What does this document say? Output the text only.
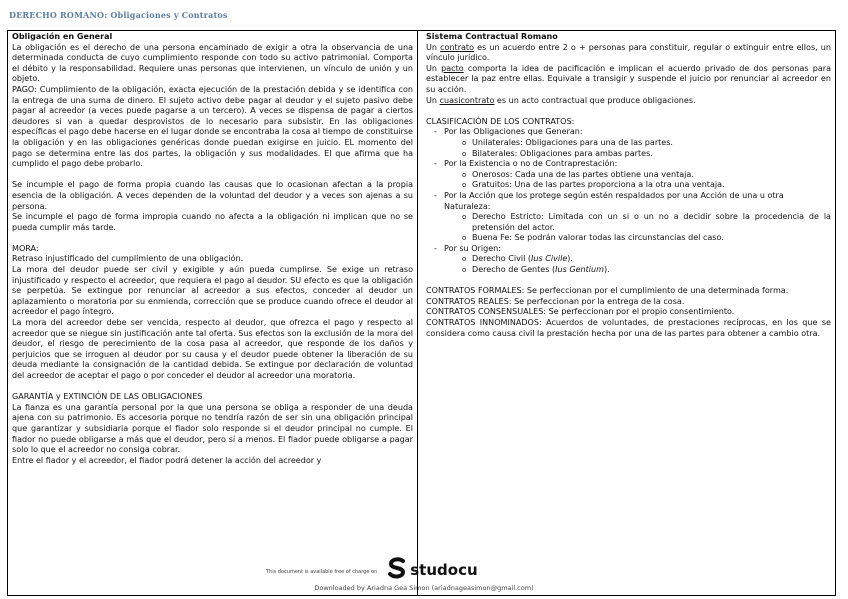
DERECHO ROMANO: Obligaciones y Contratos

Obligación en General

La obligación es el derecho de una persona encaminado de exigir a otra la observancia de una determinada conducta de cuyo cumplimiento responde con todo su activo patrimonial. Comporta el débito y la responsabilidad. Requiere unas personas que intervienen, un vínculo de unión y un objeto.

PAGO: Cumplimiento de la obligación, exacta ejecución de la prestación debida y se identifica con la entrega de una suma de dinero. El sujeto activo debe pagar al deudor y el sujeto pasivo debe pagar al acreedor (a veces puede pagarse a un tercero). A veces se dispensa de pagar a ciertos deudores si van a quedar desprovistos de lo necesario para subsistir. En las obligaciones específicas el pago debe hacerse en el lugar donde se encontraba la cosa al tiempo de constituirse la obligación y en las obligaciones genéricas donde puedan exigirse en juicio. EL momento del pago se determina entre las dos partes, la obligación y sus modalidades. El que afirma que ha cumplido el pago debe probarlo.

Se incumple el pago de forma propia cuando las causas que lo ocasionan afectan a la propia esencia de la obligación. A veces dependen de la voluntad del deudor y a veces son ajenas a su persona.

Se incumple el pago de forma impropia cuando no afecta a la obligación ni implican que no se pueda cumplir más tarde.

MORA:

Retraso injustificado del cumplimiento de una obligación.

La mora del deudor puede ser civil y exigible y aún pueda cumplirse. Se exige un retraso injustificado y respecto el acreedor, que requiera el pago al deudor. SU efecto es que la obligación se perpetúa. Se extingue por renunciar al acreedor a sus efectos, conceder al deudor un aplazamiento o moratoria por su enmienda, corrección que se produce cuando ofrece el deudor al acreedor el pago íntegro.

La mora del acreedor debe ser vencida, respecto al deudor, que ofrezca el pago y respecto al acreedor que se niegue sin justificación ante tal oferta. Sus efectos son la exclusión de la mora del deudor, el riesgo de perecimiento de la cosa pasa al acreedor, que responde de los daños y perjuicios que se irroguen al deudor por su causa y el deudor puede obtener la liberación de su deuda mediante la consignación de la cantidad debida. Se extingue por declaración de voluntad del acreedor de aceptar el pago o por conceder el deudor al acreedor una moratoria.

GARANTÍA y EXTINCIÓN DE LAS OBLIGACIONES

La fianza es una garantía personal por la que una persona se obliga a responder de una deuda ajena con su patrimonio. Es accesoria porque no tendría razón de ser sin una obligación principal que garantizar y subsidiaria porque el fiador solo responde si el deudor principal no cumple. El fiador no puede obligarse a más que el deudor, pero sí a menos. El fiador puede obligarse a pagar solo lo que el acreedor no consiga cobrar.

Entre el fiador y el acreedor, el fiador podrá detener la acción del acreedor y

Sistema Contractual Romano

Un contrato es un acuerdo entre 2 o + personas para constituir, regular o extinguir entre ellos, un vínculo jurídico.

Un pacto comporta la idea de pacificación e implican el acuerdo privado de dos personas para establecer la paz entre ellas. Equivale a transigir y suspende el juicio por renunciar al acreedor en su acción.

Un cuasicontrato es un acto contractual que produce obligaciones.

CLASIFICACIÓN DE LOS CONTRATOS:

- Por las Obligaciones que Generan:

o Unilaterales: Obligaciones para una de las partes.

o Bilaterales: Obligaciones para ambas partes.

- Por la Existencia o no de Contraprestación:

o Onerosos: Cada una de las partes obtiene una ventaja.

o Gratuitos: Una de las partes proporciona a la otra una ventaja.

- Por la Acción que los protege según estén respaldados por una Acción de una u otra Naturaleza:

o Derecho Estricto: Limitada con un si o un no a decidir sobre la procedencia de la pretensión del actor.

o Buena Fe: Se podrán valorar todas las circunstancias del caso.

- Por su Origen:

o Derecho Civil (Ius Civile).

o Derecho de Gentes (Ius Gentium).

CONTRATOS FORMALES: Se perfeccionan por el cumplimiento de una determinada forma.

CONTRATOS REALES: Se perfeccionan por la entrega de la cosa.

CONTRATOS CONSENSUALES: Se perfeccionan por el propio consentimiento.

CONTRATOS INNOMINADOS: Acuerdos de voluntades, de prestaciones recíprocas, en los que se considera como causa civil la prestación hecha por una de las partes para obtener a cambio otra.

This document is available free of charge on studocu
Downloaded by Ariadna Gea Simon (ariadnageasimon@gmail.com)
